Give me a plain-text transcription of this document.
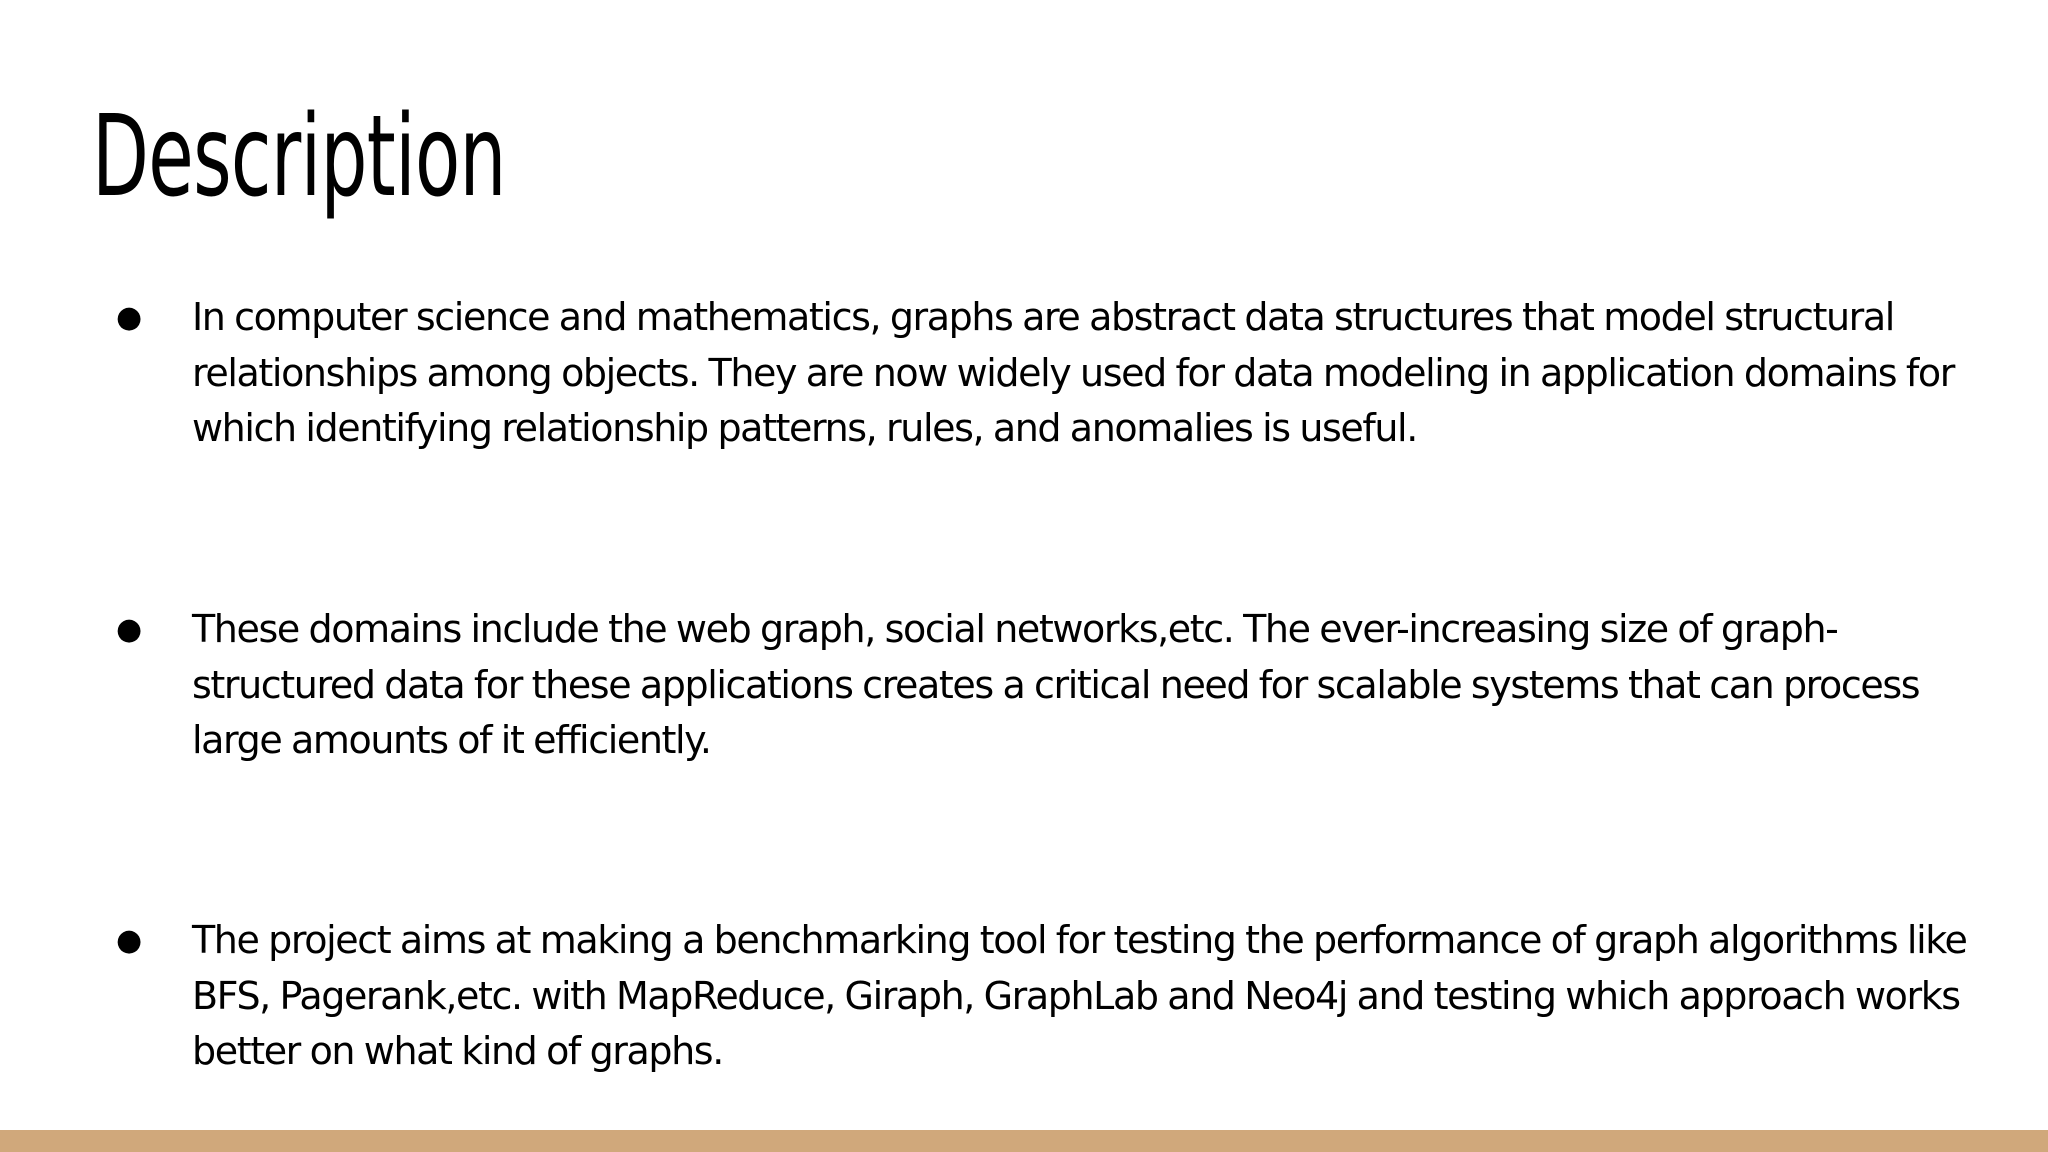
Description
●	In computer science and mathematics, graphs are abstract data structures that model structural relationships among objects. They are now widely used for data modeling in application domains for which identifying relationship patterns, rules, and anomalies is useful.
●	These domains include the web graph, social networks,etc. The ever-increasing size of graph-structured data for these applications creates a critical need for scalable systems that can process large amounts of it efficiently.
●	The project aims at making a benchmarking tool for testing the performance of graph algorithms like BFS, Pagerank,etc. with MapReduce, Giraph, GraphLab and Neo4j and testing which approach works better on what kind of graphs.
